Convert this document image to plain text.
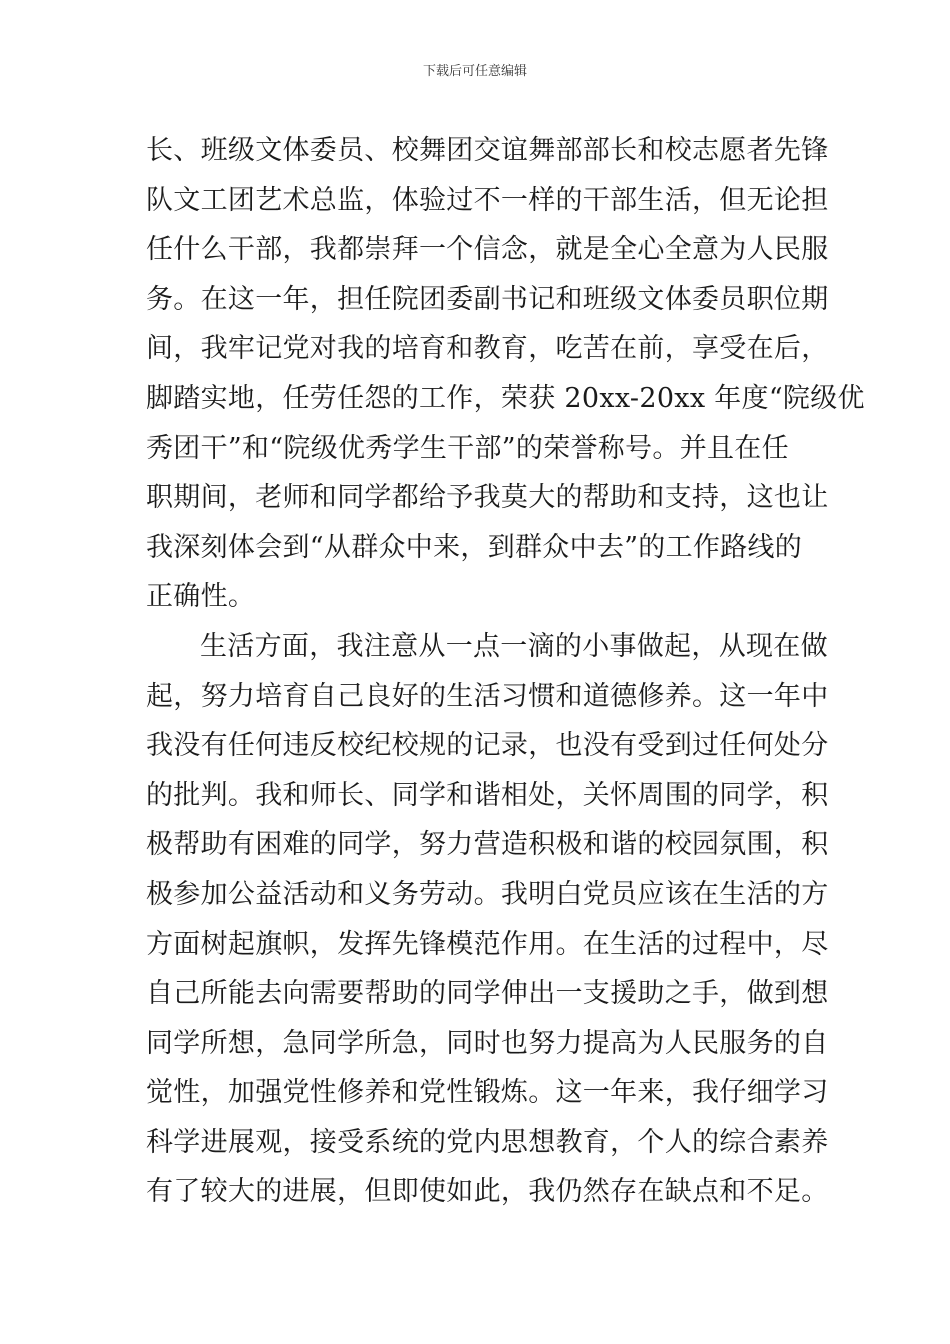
下载后可任意编辑
长、班级文体委员、校舞团交谊舞部部长和校志愿者先锋
队文工团艺术总监，体验过不一样的干部生活，但无论担
任什么干部，我都崇拜一个信念，就是全心全意为人民服
务。在这一年，担任院团委副书记和班级文体委员职位期
间，我牢记党对我的培育和教育，吃苦在前，享受在后，
脚踏实地，任劳任怨的工作，荣获 20xx-20xx 年度“院级优
秀团干”和“院级优秀学生干部”的荣誉称号。并且在任
职期间，老师和同学都给予我莫大的帮助和支持，这也让
我深刻体会到“从群众中来，到群众中去”的工作路线的
正确性。
生活方面，我注意从一点一滴的小事做起，从现在做
起，努力培育自己良好的生活习惯和道德修养。这一年中
我没有任何违反校纪校规的记录，也没有受到过任何处分
的批判。我和师长、同学和谐相处，关怀周围的同学，积
极帮助有困难的同学，努力营造积极和谐的校园氛围，积
极参加公益活动和义务劳动。我明白党员应该在生活的方
方面树起旗帜，发挥先锋模范作用。在生活的过程中，尽
自己所能去向需要帮助的同学伸出一支援助之手，做到想
同学所想，急同学所急，同时也努力提高为人民服务的自
觉性，加强党性修养和党性锻炼。这一年来，我仔细学习
科学进展观，接受系统的党内思想教育，个人的综合素养
有了较大的进展，但即使如此，我仍然存在缺点和不足。
